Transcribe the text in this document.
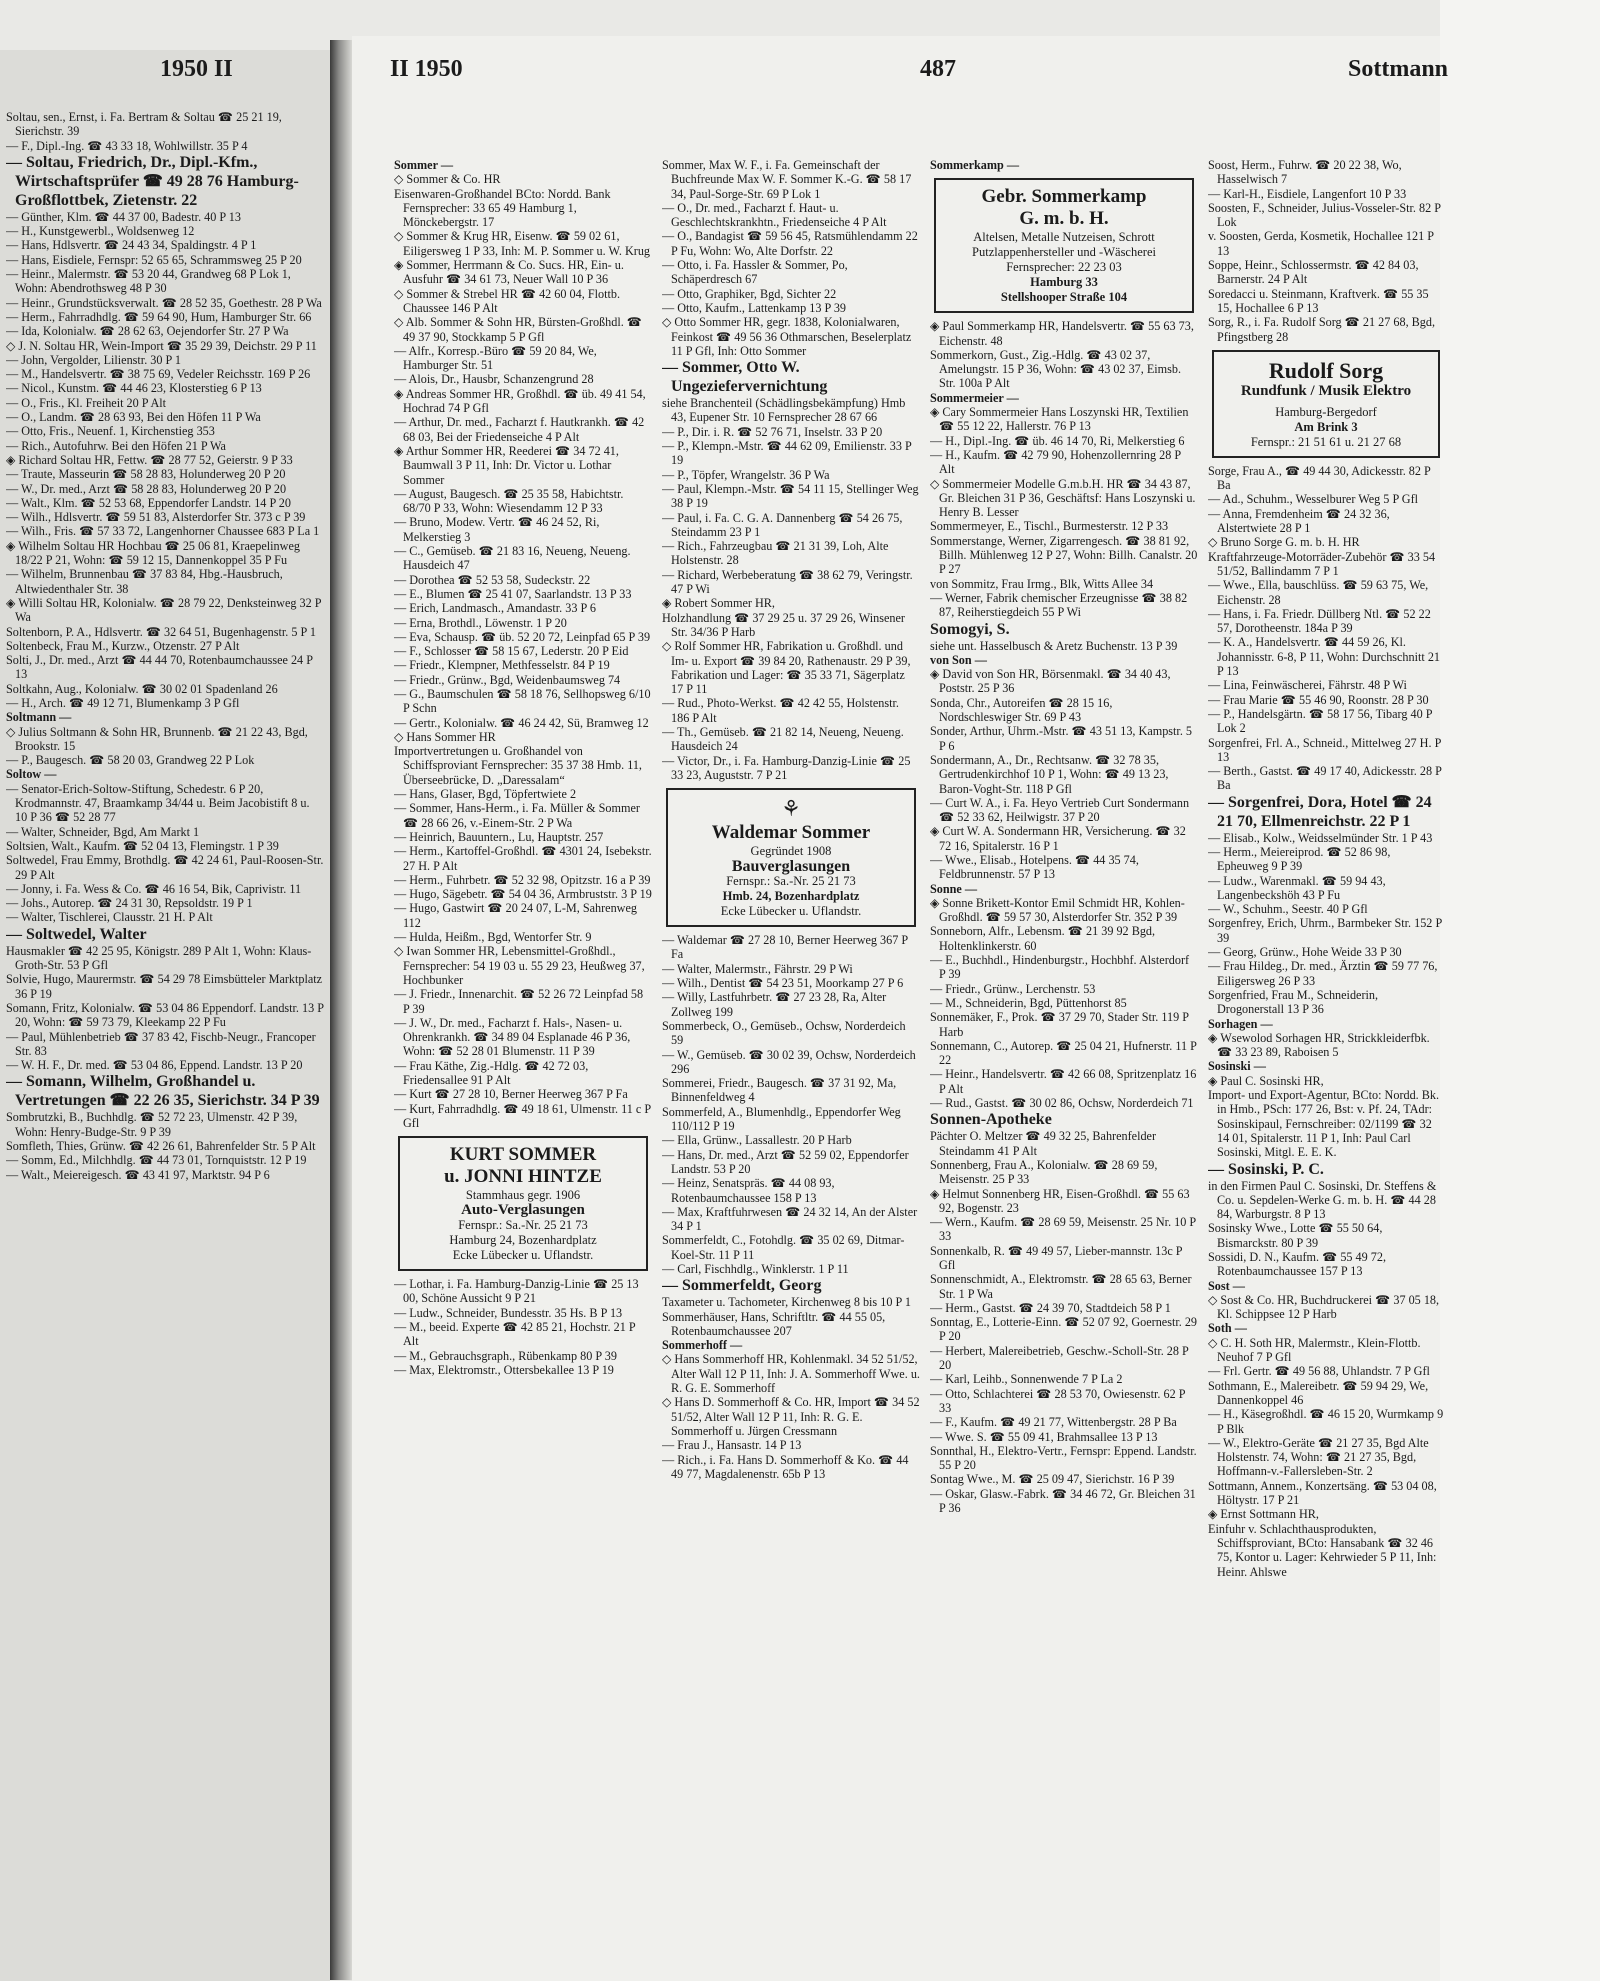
1950 II	II 1950	487	Sottmann

Soltau, sen., Ernst, i. Fa. Bertram & Soltau ☎ 25 21 19, Sierichstr. 39

— F., Dipl.-Ing. ☎ 43 33 18, Wohlwillstr. 35 P 4

— Soltau, Friedrich, Dr., Dipl.-Kfm., Wirtschaftsprüfer ☎ 49 28 76 Hamburg-Großflottbek, Zietenstr. 22

— Günther, Klm. ☎ 44 37 00, Badestr. 40 P 13

— H., Kunstgewerbl., Woldsenweg 12

— Hans, Hdlsvertr. ☎ 24 43 34, Spaldingstr. 4 P 1

— Hans, Eisdiele, Fernspr: 52 65 65, Schrammsweg 25 P 20

— Heinr., Malermstr. ☎ 53 20 44, Grandweg 68 P Lok 1, Wohn: Abendrothsweg 48 P 30

— Heinr., Grundstücksverwalt. ☎ 28 52 35, Goethestr. 28 P Wa

— Herm., Fahrradhdlg. ☎ 59 64 90, Hum, Hamburger Str. 66

— Ida, Kolonialw. ☎ 28 62 63, Oejendorfer Str. 27 P Wa

◇ J. N. Soltau HR, Wein-Import ☎ 35 29 39, Deichstr. 29 P 11

— John, Vergolder, Lilienstr. 30 P 1

— M., Handelsvertr. ☎ 38 75 69, Vedeler Reichsstr. 169 P 26

— Nicol., Kunstm. ☎ 44 46 23, Klosterstieg 6 P 13

— O., Fris., Kl. Freiheit 20 P Alt

— O., Landm. ☎ 28 63 93, Bei den Höfen 11 P Wa

— Otto, Fris., Neuenf. 1, Kirchenstieg 353

— Rich., Autofuhrw. Bei den Höfen 21 P Wa

◈ Richard Soltau HR, Fettw. ☎ 28 77 52, Geierstr. 9 P 33

— Traute, Masseurin ☎ 58 28 83, Holunderweg 20 P 20

— W., Dr. med., Arzt ☎ 58 28 83, Holunderweg 20 P 20

— Walt., Klm. ☎ 52 53 68, Eppendorfer Landstr. 14 P 20

— Wilh., Hdlsvertr. ☎ 59 51 83, Alsterdorfer Str. 373 c P 39

— Wilh., Fris. ☎ 57 33 72, Langenhorner Chaussee 683 P La 1

◈ Wilhelm Soltau HR Hochbau ☎ 25 06 81, Kraepelinweg 18/22 P 21, Wohn: ☎ 59 12 15, Dannenkoppel 35 P Fu

— Wilhelm, Brunnenbau ☎ 37 83 84, Hbg.-Hausbruch, Altwiedenthaler Str. 38

◈ Willi Soltau HR, Kolonialw. ☎ 28 79 22, Denksteinweg 32 P Wa

Soltenborn, P. A., Hdlsvertr. ☎ 32 64 51, Bugenhagenstr. 5 P 1

Soltenbeck, Frau M., Kurzw., Otzenstr. 27 P Alt

Solti, J., Dr. med., Arzt ☎ 44 44 70, Rotenbaumchaussee 24 P 13

Soltkahn, Aug., Kolonialw. ☎ 30 02 01 Spadenland 26

— H., Arch. ☎ 49 12 71, Blumenkamp 3 P Gfl

Soltmann —

◇ Julius Soltmann & Sohn HR, Brunnenb. ☎ 21 22 43, Bgd, Brookstr. 15

— P., Baugesch. ☎ 58 20 03, Grandweg 22 P Lok

Soltow —

— Senator-Erich-Soltow-Stiftung, Schedestr. 6 P 20, Krodmannstr. 47, Braamkamp 34/44 u. Beim Jacobistift 8 u. 10 P 36 ☎ 52 28 77

— Walter, Schneider, Bgd, Am Markt 1

Soltsien, Walt., Kaufm. ☎ 52 04 13, Flemingstr. 1 P 39

Soltwedel, Frau Emmy, Brothdlg. ☎ 42 24 61, Paul-Roosen-Str. 29 P Alt

— Jonny, i. Fa. Wess & Co. ☎ 46 16 54, Bik, Caprivistr. 11

— Johs., Autorep. ☎ 24 31 30, Repsoldstr. 19 P 1

— Walter, Tischlerei, Clausstr. 21 H. P Alt

— Soltwedel, Walter

Hausmakler ☎ 42 25 95, Königstr. 289 P Alt 1, Wohn: Klaus-Groth-Str. 53 P Gfl

Solvie, Hugo, Maurermstr. ☎ 54 29 78 Eimsbütteler Marktplatz 36 P 19

Somann, Fritz, Kolonialw. ☎ 53 04 86 Eppendorf. Landstr. 13 P 20, Wohn: ☎ 59 73 79, Kleekamp 22 P Fu

— Paul, Mühlenbetrieb ☎ 37 83 42, Fischb-Neugr., Francoper Str. 83

— W. H. F., Dr. med. ☎ 53 04 86, Eppend. Landstr. 13 P 20

— Somann, Wilhelm, Großhandel u. Vertretungen ☎ 22 26 35, Sierichstr. 34 P 39

Sombrutzki, B., Buchhdlg. ☎ 52 72 23, Ulmenstr. 42 P 39, Wohn: Henry-Budge-Str. 9 P 39

Somfleth, Thies, Grünw. ☎ 42 26 61, Bahrenfelder Str. 5 P Alt

— Somm, Ed., Milchhdlg. ☎ 44 73 01, Tornquiststr. 12 P 19

— Walt., Meiereigesch. ☎ 43 41 97, Marktstr. 94 P 6

Sommer —

◇ Sommer & Co. HR

Eisenwaren-Großhandel BCto: Nordd. Bank Fernsprecher: 33 65 49 Hamburg 1, Mönckebergstr. 17

◇ Sommer & Krug HR, Eisenw. ☎ 59 02 61, Eiligersweg 1 P 33, Inh: M. P. Sommer u. W. Krug

◈ Sommer, Herrmann & Co. Sucs. HR, Ein- u. Ausfuhr ☎ 34 61 73, Neuer Wall 10 P 36

◇ Sommer & Strebel HR ☎ 42 60 04, Flottb. Chaussee 146 P Alt

◇ Alb. Sommer & Sohn HR, Bürsten-Großhdl. ☎ 49 37 90, Stockkamp 5 P Gfl

— Alfr., Korresp.-Büro ☎ 59 20 84, We, Hamburger Str. 51

— Alois, Dr., Hausbr, Schanzengrund 28

◈ Andreas Sommer HR, Großhdl. ☎ üb. 49 41 54, Hochrad 74 P Gfl

— Arthur, Dr. med., Facharzt f. Hautkrankh. ☎ 42 68 03, Bei der Friedenseiche 4 P Alt

◈ Arthur Sommer HR, Reederei ☎ 34 72 41, Baumwall 3 P 11, Inh: Dr. Victor u. Lothar Sommer

— August, Baugesch. ☎ 25 35 58, Habichtstr. 68/70 P 33, Wohn: Wiesendamm 12 P 33

— Bruno, Modew. Vertr. ☎ 46 24 52, Ri, Melkerstieg 3

— C., Gemüseb. ☎ 21 83 16, Neueng, Neueng. Hausdeich 47

— Dorothea ☎ 52 53 58, Sudeckstr. 22

— E., Blumen ☎ 25 41 07, Saarlandstr. 13 P 33

— Erich, Landmasch., Amandastr. 33 P 6

— Erna, Brothdl., Löwenstr. 1 P 20

— Eva, Schausp. ☎ üb. 52 20 72, Leinpfad 65 P 39

— F., Schlosser ☎ 58 15 67, Lederstr. 20 P Eid

— Friedr., Klempner, Methfesselstr. 84 P 19

— Friedr., Grünw., Bgd, Weidenbaumsweg 74

— G., Baumschulen ☎ 58 18 76, Sellhopsweg 6/10 P Schn

— Gertr., Kolonialw. ☎ 46 24 42, Sü, Bramweg 12

◇ Hans Sommer HR

Importvertretungen u. Großhandel von Schiffsproviant Fernsprecher: 35 37 38 Hmb. 11, Überseebrücke, D. „Daressalam“

— Hans, Glaser, Bgd, Töpfertwiete 2

— Sommer, Hans-Herm., i. Fa. Müller & Sommer ☎ 28 66 26, v.-Einem-Str. 2 P Wa

— Heinrich, Bauuntern., Lu, Hauptstr. 257

— Herm., Kartoffel-Großhdl. ☎ 4301 24, Isebekstr. 27 H. P Alt

— Herm., Fuhrbetr. ☎ 52 32 98, Opitzstr. 16 a P 39

— Hugo, Sägebetr. ☎ 54 04 36, Armbruststr. 3 P 19

— Hugo, Gastwirt ☎ 20 24 07, L-M, Sahrenweg 112

— Hulda, Heißm., Bgd, Wentorfer Str. 9

◇ Iwan Sommer HR, Lebensmittel-Großhdl., Fernsprecher: 54 19 03 u. 55 29 23, Heußweg 37, Hochbunker

— J. Friedr., Innenarchit. ☎ 52 26 72 Leinpfad 58 P 39

— J. W., Dr. med., Facharzt f. Hals-, Nasen- u. Ohrenkrankh. ☎ 34 89 04 Esplanade 46 P 36, Wohn: ☎ 52 28 01 Blumenstr. 11 P 39

— Frau Käthe, Zig.-Hdlg. ☎ 42 72 03, Friedensallee 91 P Alt

— Kurt ☎ 27 28 10, Berner Heerweg 367 P Fa

— Kurt, Fahrradhdlg. ☎ 49 18 61, Ulmenstr. 11 c P Gfl

KURT SOMMER
u. JONNI HINTZE
Stammhaus gegr. 1906
Auto-Verglasungen
Fernspr.: Sa.-Nr. 25 21 73
Hamburg 24, Bozenhardplatz
Ecke Lübecker u. Uflandstr.

— Lothar, i. Fa. Hamburg-Danzig-Linie ☎ 25 13 00, Schöne Aussicht 9 P 21

— Ludw., Schneider, Bundesstr. 35 Hs. B P 13

— M., beeid. Experte ☎ 42 85 21, Hochstr. 21 P Alt

— M., Gebrauchsgraph., Rübenkamp 80 P 39

— Max, Elektromstr., Ottersbekallee 13 P 19

Sommer, Max W. F., i. Fa. Gemeinschaft der Buchfreunde Max W. F. Sommer K.-G. ☎ 58 17 34, Paul-Sorge-Str. 69 P Lok 1

— O., Dr. med., Facharzt f. Haut- u. Geschlechtskrankhtn., Friedenseiche 4 P Alt

— O., Bandagist ☎ 59 56 45, Ratsmühlendamm 22 P Fu, Wohn: Wo, Alte Dorfstr. 22

— Otto, i. Fa. Hassler & Sommer, Po, Schäperdresch 67

— Otto, Graphiker, Bgd, Sichter 22

— Otto, Kaufm., Lattenkamp 13 P 39

◇ Otto Sommer HR, gegr. 1838, Kolonialwaren, Feinkost ☎ 49 56 36 Othmarschen, Beselerplatz 11 P Gfl, Inh: Otto Sommer

— Sommer, Otto W. Ungeziefervernichtung

siehe Branchenteil (Schädlingsbekämpfung) Hmb 43, Eupener Str. 10 Fernsprecher 28 67 66

— P., Dir. i. R. ☎ 52 76 71, Inselstr. 33 P 20

— P., Klempn.-Mstr. ☎ 44 62 09, Emilienstr. 33 P 19

— P., Töpfer, Wrangelstr. 36 P Wa

— Paul, Klempn.-Mstr. ☎ 54 11 15, Stellinger Weg 38 P 19

— Paul, i. Fa. C. G. A. Dannenberg ☎ 54 26 75, Steindamm 23 P 1

— Rich., Fahrzeugbau ☎ 21 31 39, Loh, Alte Holstenstr. 28

— Richard, Werbeberatung ☎ 38 62 79, Veringstr. 47 P Wi

◈ Robert Sommer HR,

Holzhandlung ☎ 37 29 25 u. 37 29 26, Winsener Str. 34/36 P Harb

◇ Rolf Sommer HR, Fabrikation u. Großhdl. und Im- u. Export ☎ 39 84 20, Rathenaustr. 29 P 39, Fabrikation und Lager: ☎ 35 33 71, Sägerplatz 17 P 11

— Rud., Photo-Werkst. ☎ 42 42 55, Holstenstr. 186 P Alt

— Th., Gemüseb. ☎ 21 82 14, Neueng, Neueng. Hausdeich 24

— Victor, Dr., i. Fa. Hamburg-Danzig-Linie ☎ 25 33 23, Auguststr. 7 P 21

⚘
Waldemar Sommer
Gegründet 1908
Bauverglasungen
Fernspr.: Sa.-Nr. 25 21 73
Hmb. 24, Bozenhardplatz
Ecke Lübecker u. Uflandstr.

— Waldemar ☎ 27 28 10, Berner Heerweg 367 P Fa

— Walter, Malermstr., Fährstr. 29 P Wi

— Wilh., Dentist ☎ 54 23 51, Moorkamp 27 P 6

— Willy, Lastfuhrbetr. ☎ 27 23 28, Ra, Alter Zollweg 199

Sommerbeck, O., Gemüseb., Ochsw, Norderdeich 59

— W., Gemüseb. ☎ 30 02 39, Ochsw, Norderdeich 296

Sommerei, Friedr., Baugesch. ☎ 37 31 92, Ma, Binnenfeldweg 4

Sommerfeld, A., Blumenhdlg., Eppendorfer Weg 110/112 P 19

— Ella, Grünw., Lassallestr. 20 P Harb

— Hans, Dr. med., Arzt ☎ 52 59 02, Eppendorfer Landstr. 53 P 20

— Heinz, Senatspräs. ☎ 44 08 93, Rotenbaumchaussee 158 P 13

— Max, Kraftfuhrwesen ☎ 24 32 14, An der Alster 34 P 1

Sommerfeldt, C., Fotohdlg. ☎ 35 02 69, Ditmar-Koel-Str. 11 P 11

— Carl, Fischhdlg., Winklerstr. 1 P 11

— Sommerfeldt, Georg

Taxameter u. Tachometer, Kirchenweg 8 bis 10 P 1

Sommerhäuser, Hans, Schriftltr. ☎ 44 55 05, Rotenbaumchaussee 207

Sommerhoff —

◇ Hans Sommerhoff HR, Kohlenmakl. 34 52 51/52, Alter Wall 12 P 11, Inh: J. A. Sommerhoff Wwe. u. R. G. E. Sommerhoff

◇ Hans D. Sommerhoff & Co. HR, Import ☎ 34 52 51/52, Alter Wall 12 P 11, Inh: R. G. E. Sommerhoff u. Jürgen Cressmann

— Frau J., Hansastr. 14 P 13

— Rich., i. Fa. Hans D. Sommerhoff & Ko. ☎ 44 49 77, Magdalenenstr. 65b P 13

Sommerkamp —

Gebr. Sommerkamp
G. m. b. H.
Altelsen, Metalle Nutzeisen, Schrott Putzlappenhersteller und -Wäscherei
Fernsprecher: 22 23 03
Hamburg 33
Stellshooper Straße 104

◈ Paul Sommerkamp HR, Handelsvertr. ☎ 55 63 73, Eichenstr. 48

Sommerkorn, Gust., Zig.-Hdlg. ☎ 43 02 37, Amelungstr. 15 P 36, Wohn: ☎ 43 02 37, Eimsb. Str. 100a P Alt

Sommermeier —

◈ Cary Sommermeier Hans Loszynski HR, Textilien ☎ 55 12 22, Hallerstr. 76 P 13

— H., Dipl.-Ing. ☎ üb. 46 14 70, Ri, Melkerstieg 6

— H., Kaufm. ☎ 42 79 90, Hohenzollernring 28 P Alt

◇ Sommermeier Modelle G.m.b.H. HR ☎ 34 43 87, Gr. Bleichen 31 P 36, Geschäftsf: Hans Loszynski u. Henry B. Lesser

Sommermeyer, E., Tischl., Burmesterstr. 12 P 33

Sommerstange, Werner, Zigarrengesch. ☎ 38 81 92, Billh. Mühlenweg 12 P 27, Wohn: Billh. Canalstr. 20 P 27

von Sommitz, Frau Irmg., Blk, Witts Allee 34

— Werner, Fabrik chemischer Erzeugnisse ☎ 38 82 87, Reiherstiegdeich 55 P Wi

Somogyi, S.

siehe unt. Hasselbusch & Aretz Buchenstr. 13 P 39

von Son —

◈ David von Son HR, Börsenmakl. ☎ 34 40 43, Poststr. 25 P 36

Sonda, Chr., Autoreifen ☎ 28 15 16, Nordschleswiger Str. 69 P 43

Sonder, Arthur, Uhrm.-Mstr. ☎ 43 51 13, Kampstr. 5 P 6

Sondermann, A., Dr., Rechtsanw. ☎ 32 78 35, Gertrudenkirchhof 10 P 1, Wohn: ☎ 49 13 23, Baron-Voght-Str. 118 P Gfl

— Curt W. A., i. Fa. Heyo Vertrieb Curt Sondermann ☎ 52 33 62, Heilwigstr. 37 P 20

◈ Curt W. A. Sondermann HR, Versicherung. ☎ 32 72 16, Spitalerstr. 16 P 1

— Wwe., Elisab., Hotelpens. ☎ 44 35 74, Feldbrunnenstr. 57 P 13

Sonne —

◈ Sonne Brikett-Kontor Emil Schmidt HR, Kohlen-Großhdl. ☎ 59 57 30, Alsterdorfer Str. 352 P 39

Sonneborn, Alfr., Lebensm. ☎ 21 39 92 Bgd, Holtenklinkerstr. 60

— E., Buchhdl., Hindenburgstr., Hochbhf. Alsterdorf P 39

— Friedr., Grünw., Lerchenstr. 53

— M., Schneiderin, Bgd, Püttenhorst 85

Sonnemäker, F., Prok. ☎ 37 29 70, Stader Str. 119 P Harb

Sonnemann, C., Autorep. ☎ 25 04 21, Hufnerstr. 11 P 22

— Heinr., Handelsvertr. ☎ 42 66 08, Spritzenplatz 16 P Alt

— Rud., Gastst. ☎ 30 02 86, Ochsw, Norderdeich 71

Sonnen-Apotheke

Pächter O. Meltzer ☎ 49 32 25, Bahrenfelder Steindamm 41 P Alt

Sonnenberg, Frau A., Kolonialw. ☎ 28 69 59, Meisenstr. 25 P 33

◈ Helmut Sonnenberg HR, Eisen-Großhdl. ☎ 55 63 92, Bogenstr. 23

— Wern., Kaufm. ☎ 28 69 59, Meisenstr. 25 Nr. 10 P 33

Sonnenkalb, R. ☎ 49 49 57, Lieber-mannstr. 13c P Gfl

Sonnenschmidt, A., Elektromstr. ☎ 28 65 63, Berner Str. 1 P Wa

— Herm., Gastst. ☎ 24 39 70, Stadtdeich 58 P 1

Sonntag, E., Lotterie-Einn. ☎ 52 07 92, Goernestr. 29 P 20

— Herbert, Malereibetrieb, Geschw.-Scholl-Str. 28 P 20

— Karl, Leihb., Sonnenwende 7 P La 2

— Otto, Schlachterei ☎ 28 53 70, Owiesenstr. 62 P 33

— F., Kaufm. ☎ 49 21 77, Wittenbergstr. 28 P Ba

— Wwe. S. ☎ 55 09 41, Brahmsallee 13 P 13

Sonnthal, H., Elektro-Vertr., Fernspr: Eppend. Landstr. 55 P 20

Sontag Wwe., M. ☎ 25 09 47, Sierichstr. 16 P 39

— Oskar, Glasw.-Fabrk. ☎ 34 46 72, Gr. Bleichen 31 P 36

Soost, Herm., Fuhrw. ☎ 20 22 38, Wo, Hasselwisch 7

— Karl-H., Eisdiele, Langenfort 10 P 33

Soosten, F., Schneider, Julius-Vosseler-Str. 82 P Lok

v. Soosten, Gerda, Kosmetik, Hochallee 121 P 13

Soppe, Heinr., Schlossermstr. ☎ 42 84 03, Barnerstr. 24 P Alt

Soredacci u. Steinmann, Kraftverk. ☎ 55 35 15, Hochallee 6 P 13

Sorg, R., i. Fa. Rudolf Sorg ☎ 21 27 68, Bgd, Pfingstberg 28

Rudolf Sorg
Rundfunk / Musik Elektro
Hamburg-Bergedorf
Am Brink 3
Fernspr.: 21 51 61 u. 21 27 68

Sorge, Frau A., ☎ 49 44 30, Adickesstr. 82 P Ba

— Ad., Schuhm., Wesselburer Weg 5 P Gfl

— Anna, Fremdenheim ☎ 24 32 36, Alstertwiete 28 P 1

◇ Bruno Sorge G. m. b. H. HR

Kraftfahrzeuge-Motorräder-Zubehör ☎ 33 54 51/52, Ballindamm 7 P 1

— Wwe., Ella, bauschlüss. ☎ 59 63 75, We, Eichenstr. 28

— Hans, i. Fa. Friedr. Düllberg Ntl. ☎ 52 22 57, Dorotheenstr. 184a P 39

— K. A., Handelsvertr. ☎ 44 59 26, Kl. Johannisstr. 6-8, P 11, Wohn: Durchschnitt 21 P 13

— Lina, Feinwäscherei, Fährstr. 48 P Wi

— Frau Marie ☎ 55 46 90, Roonstr. 28 P 30

— P., Handelsgärtn. ☎ 58 17 56, Tibarg 40 P Lok 2

Sorgenfrei, Frl. A., Schneid., Mittelweg 27 H. P 13

— Berth., Gastst. ☎ 49 17 40, Adickesstr. 28 P Ba

— Sorgenfrei, Dora, Hotel ☎ 24 21 70, Ellmenreichstr. 22 P 1

— Elisab., Kolw., Weidsselmünder Str. 1 P 43

— Herm., Meiereiprod. ☎ 52 86 98, Epheuweg 9 P 39

— Ludw., Warenmakl. ☎ 59 94 43, Langenbeckshöh 43 P Fu

— W., Schuhm., Seestr. 40 P Gfl

Sorgenfrey, Erich, Uhrm., Barmbeker Str. 152 P 39

— Georg, Grünw., Hohe Weide 33 P 30

— Frau Hildeg., Dr. med., Ärztin ☎ 59 77 76, Eiligersweg 26 P 33

Sorgenfried, Frau M., Schneiderin, Drogonerstall 13 P 36

Sorhagen —

◈ Wsewolod Sorhagen HR, Strickkleiderfbk. ☎ 33 23 89, Raboisen 5

Sosinski —

◈ Paul C. Sosinski HR,

Import- und Export-Agentur, BCto: Nordd. Bk. in Hmb., PSch: 177 26, Bst: v. Pf. 24, TAdr: Sosinskipaul, Fernschreiber: 02/1199 ☎ 32 14 01, Spitalerstr. 11 P 1, Inh: Paul Carl Sosinski, Mitgl. E. E. K.

— Sosinski, P. C.

in den Firmen Paul C. Sosinski, Dr. Steffens & Co. u. Sepdelen-Werke G. m. b. H. ☎ 44 28 84, Warburgstr. 8 P 13

Sosinsky Wwe., Lotte ☎ 55 50 64, Bismarckstr. 80 P 39

Sossidi, D. N., Kaufm. ☎ 55 49 72, Rotenbaumchaussee 157 P 13

Sost —

◇ Sost & Co. HR, Buchdruckerei ☎ 37 05 18, Kl. Schippsee 12 P Harb

Soth —

◇ C. H. Soth HR, Malermstr., Klein-Flottb. Neuhof 7 P Gfl

— Frl. Gertr. ☎ 49 56 88, Uhlandstr. 7 P Gfl

Sothmann, E., Malereibetr. ☎ 59 94 29, We, Dannenkoppel 46

— H., Käsegroßhdl. ☎ 46 15 20, Wurmkamp 9 P Blk

— W., Elektro-Geräte ☎ 21 27 35, Bgd Alte Holstenstr. 74, Wohn: ☎ 21 27 35, Bgd, Hoffmann-v.-Fallersleben-Str. 2

Sottmann, Annem., Konzertsäng. ☎ 53 04 08, Höltystr. 17 P 21

◈ Ernst Sottmann HR,

Einfuhr v. Schlachthausprodukten, Schiffsproviant, BCto: Hansabank ☎ 32 46 75, Kontor u. Lager: Kehrwieder 5 P 11, Inh: Heinr. Ahlswe
